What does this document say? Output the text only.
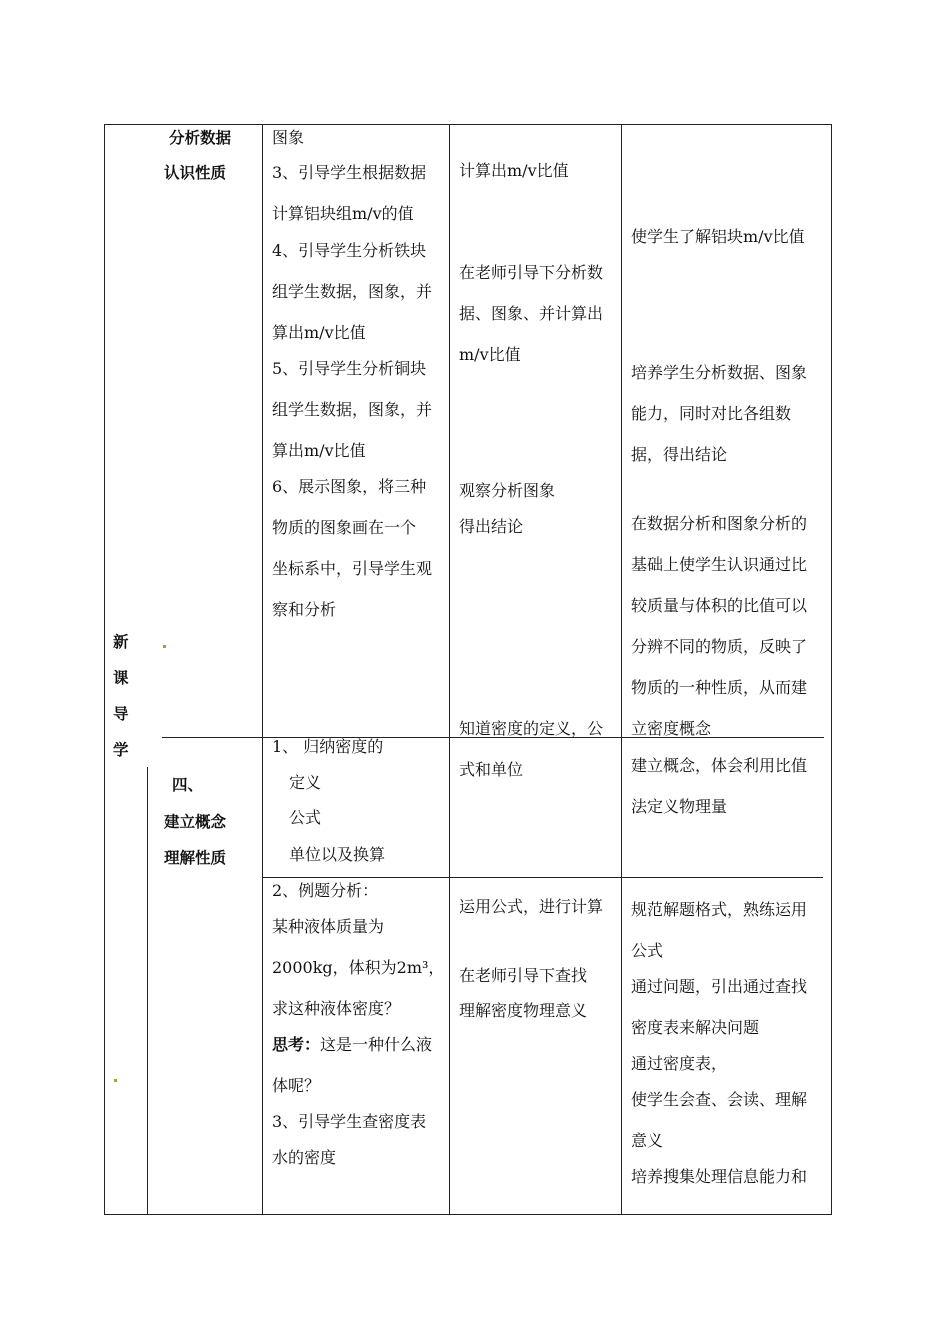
新
课
导
学
分析数据
认识性质
四、
建立概念
理解性质
图象
3、引导学生根据数据
计算铝块组m/v的值
4、引导学生分析铁块
组学生数据，图象，并
算出m/v比值
5、引导学生分析铜块
组学生数据，图象，并
算出m/v比值
6、展示图象，将三种
物质的图象画在一个
坐标系中，引导学生观
察和分析
1、 归纳密度的
定义
公式
单位以及换算
2、例题分析：
某种液体质量为
2000kg，体积为2m³，
求这种液体密度？
思考：这是一种什么液
体呢？
3、引导学生查密度表
水的密度
计算出m/v比值
在老师引导下分析数
据、图象、并计算出
m/v比值
观察分析图象
得出结论
知道密度的定义，公
式和单位
运用公式，进行计算
在老师引导下查找
理解密度物理意义
使学生了解铝块m/v比值
培养学生分析数据、图象
能力，同时对比各组数
据，得出结论
在数据分析和图象分析的
基础上使学生认识通过比
较质量与体积的比值可以
分辨不同的物质，反映了
物质的一种性质，从而建
立密度概念
建立概念，体会利用比值
法定义物理量
规范解题格式，熟练运用
公式
通过问题，引出通过查找
密度表来解决问题
通过密度表，
使学生会查、会读、理解
意义
培养搜集处理信息能力和
